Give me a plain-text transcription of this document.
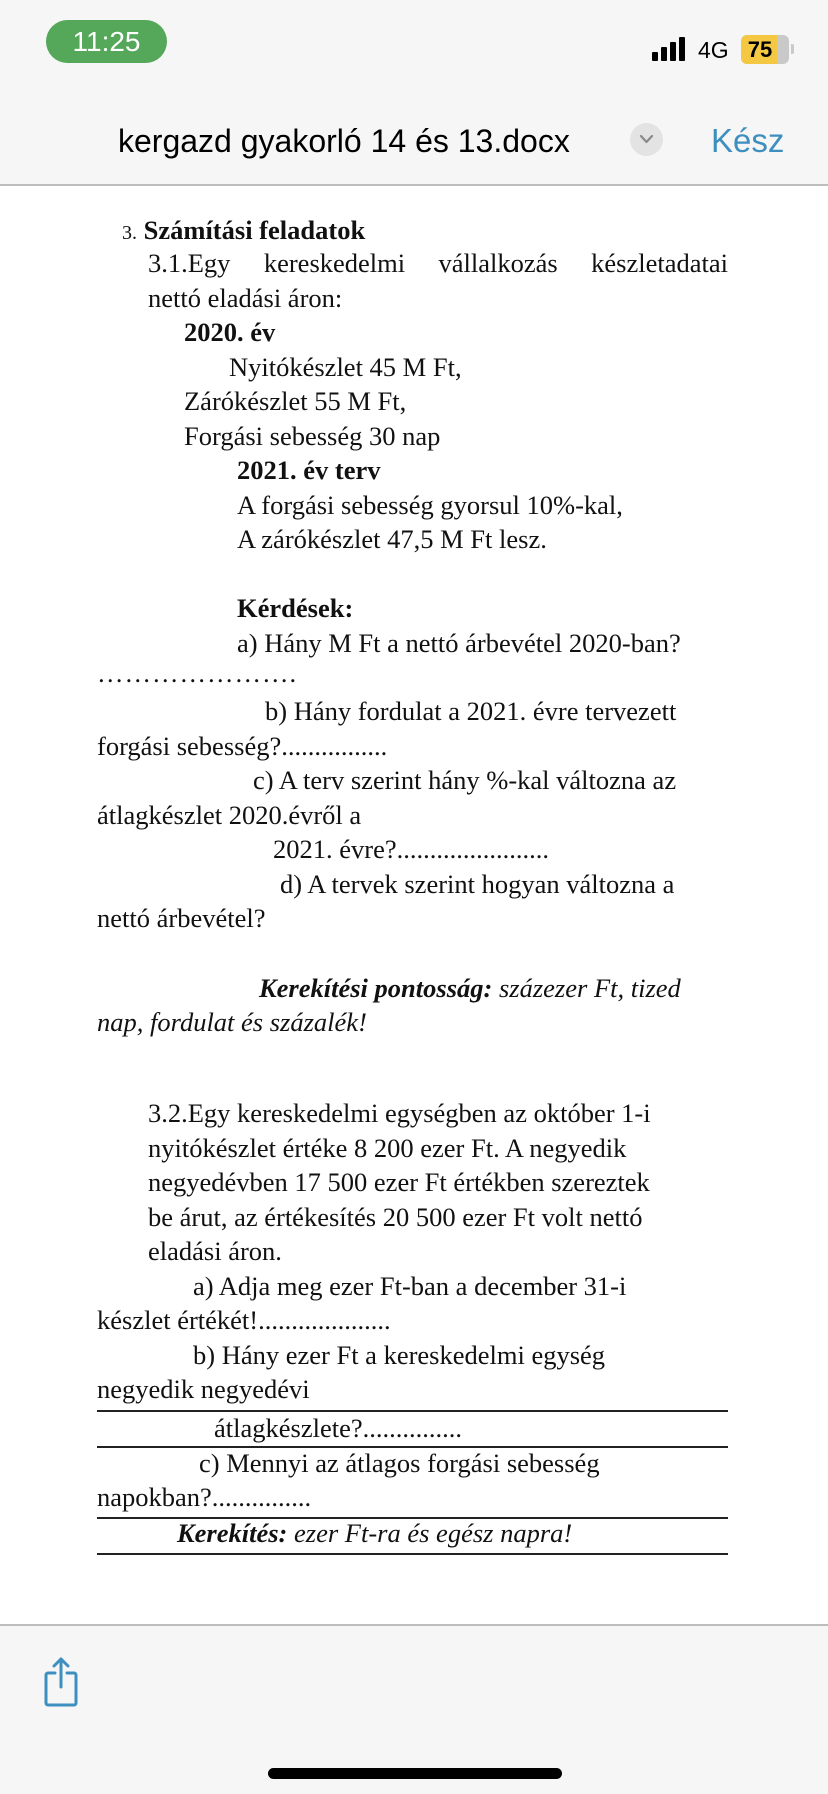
11:25	4G 75
kergazd gyakorló 14 és 13.docx	Kész
3. Számítási feladatok
3.1.Egy kereskedelmi vállalkozás készletadatai
nettó eladási áron:
2020. év
Nyitókészlet 45 M Ft,
Zárókészlet 55 M Ft,
Forgási sebesség 30 nap
2021. év terv
A forgási sebesség gyorsul 10%-kal,
A zárókészlet 47,5 M Ft lesz.
Kérdések:
a) Hány M Ft a nettó árbevétel 2020-ban?
………………….
b) Hány fordulat a 2021. évre tervezett
forgási sebesség?................
c) A terv szerint hány %-kal változna az
átlagkészlet 2020.évről a
2021. évre?.......................
d) A tervek szerint hogyan változna a
nettó árbevétel?
Kerekítési pontosság: százezer Ft, tized
nap, fordulat és százalék!
3.2.Egy kereskedelmi egységben az október 1-i
nyitókészlet értéke 8 200 ezer Ft. A negyedik
negyedévben 17 500 ezer Ft értékben szereztek
be árut, az értékesítés 20 500 ezer Ft volt nettó
eladási áron.
a) Adja meg ezer Ft-ban a december 31-i
készlet értékét!....................
b) Hány ezer Ft a kereskedelmi egység
negyedik negyedévi
átlagkészlete?...............
c) Mennyi az átlagos forgási sebesség
napokban?...............
Kerekítés: ezer Ft-ra és egész napra!
